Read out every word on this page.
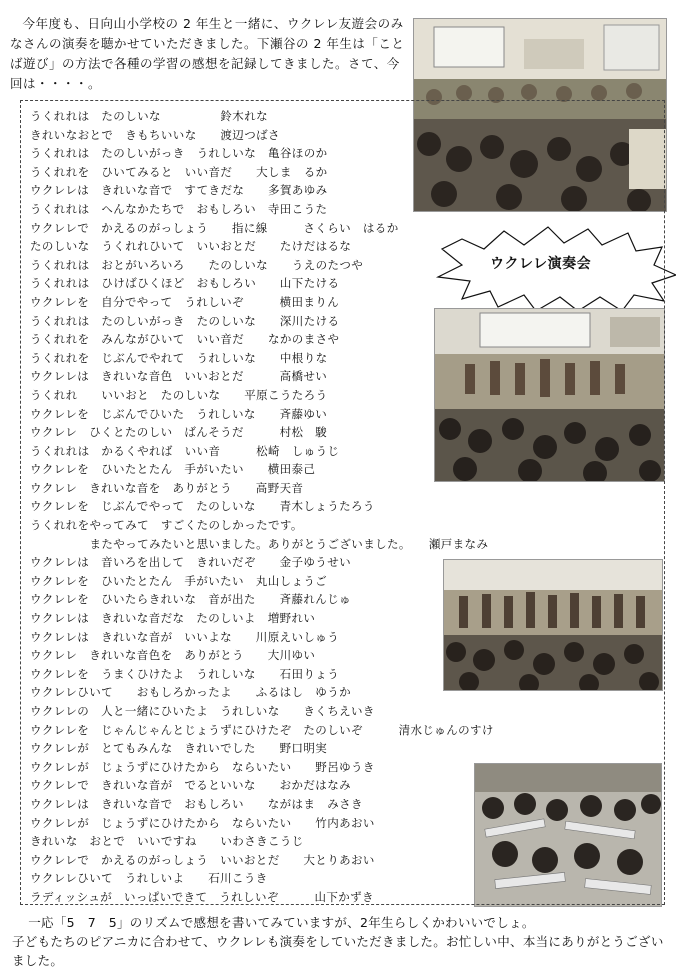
今年度も、日向山小学校の 2 年生と一緒に、ウクレレ友遊会のみなさんの演奏を聴かせていただきました。下瀬谷の 2 年生は「ことば遊び」の方法で各種の学習の感想を記録してきました。さて、今回は・・・・。
ウクレレ演奏会
うくれれは　たのしいな　　　　　鈴木れな
きれいなおとで　きもちいいな　　渡辺つばさ
うくれれは　たのしいがっき　うれしいな　亀谷ほのか
うくれれを　ひいてみると　いい音だ　　大しま　るか
ウクレレは　きれいな音で　すてきだな　　多賀あゆみ
うくれれは　へんなかたちで　おもしろい　寺田こうた
ウクレレで　かえるのがっしょう　　指に線　　　さくらい　はるか
たのしいな　うくれれひいて　いいおとだ　　たけだはるな
うくれれは　おとがいろいろ　　たのしいな　　うえのたつや
うくれれは　ひけばひくほど　おもしろい　　山下たける
ウクレレを　自分でやって　うれしいぞ　　　横田まりん
うくれれは　たのしいがっき　たのしいな　　深川たける
うくれれを　みんながひいて　いい音だ　　なかのまさや
うくれれを　じぶんでやれて　うれしいな　　中根りな
ウクレレは　きれいな音色　いいおとだ　　　高橋せい
うくれれ　　いいおと　たのしいな　　平原こうたろう
ウクレレを　じぶんでひいた　うれしいな　　斉藤ゆい
ウクレレ　ひくとたのしい　ばんそうだ　　　村松　駿
うくれれは　かるくやれば　いい音　　　松崎　しゅうじ
ウクレレを　ひいたとたん　手がいたい　　横田泰己
ウクレレ　きれいな音を　ありがとう　　高野天音
ウクレレを　じぶんでやって　たのしいな　　青木しょうたろう
うくれれをやってみて　すごくたのしかったです。
　　　　　またやってみたいと思いました。ありがとうございました。　　瀬戸まなみ
ウクレレは　音いろを出して　きれいだぞ　　金子ゆうせい
ウクレレを　ひいたとたん　手がいたい　丸山しょうご
ウクレレを　ひいたらきれいな　音が出た　　斉藤れんじゅ
ウクレレは　きれいな音だな　たのしいよ　増野れい
ウクレレは　きれいな音が　いいよな　　川原えいしゅう
ウクレレ　きれいな音色を　ありがとう　　大川ゆい
ウクレレを　うまくひけたよ　うれしいな　　石田りょう
ウクレレひいて　　おもしろかったよ　　ふるはし　ゆうか
ウクレレの　人と一緒にひいたよ　うれしいな　　きくちえいき
ウクレレを　じゃんじゃんとじょうずにひけたぞ　たのしいぞ　　　清水じゅんのすけ
ウクレレが　とてもみんな　きれいでした　　野口明実
ウクレレが　じょうずにひけたから　ならいたい　　野呂ゆうき
ウクレレで　きれいな音が　でるといいな　　おかだはなみ
ウクレレは　きれいな音で　おもしろい　　ながはま　みさき
ウクレレが　じょうずにひけたから　ならいたい　　竹内あおい
きれいな　おとで　いいですね　　いわさきこうじ
ウクレレで　かえるのがっしょう　いいおとだ　　大とりあおい
ウクレレひいて　うれしいよ　　石川こうき
ラディッシュが　いっぱいできて　うれしいぞ　　　山下かずき
一応「5　7　5」のリズムで感想を書いてみていますが、2年生らしくかわいいでしょ。
子どもたちのピアニカに合わせて、ウクレレも演奏をしていただきました。お忙しい中、本当にありがとうございました。
